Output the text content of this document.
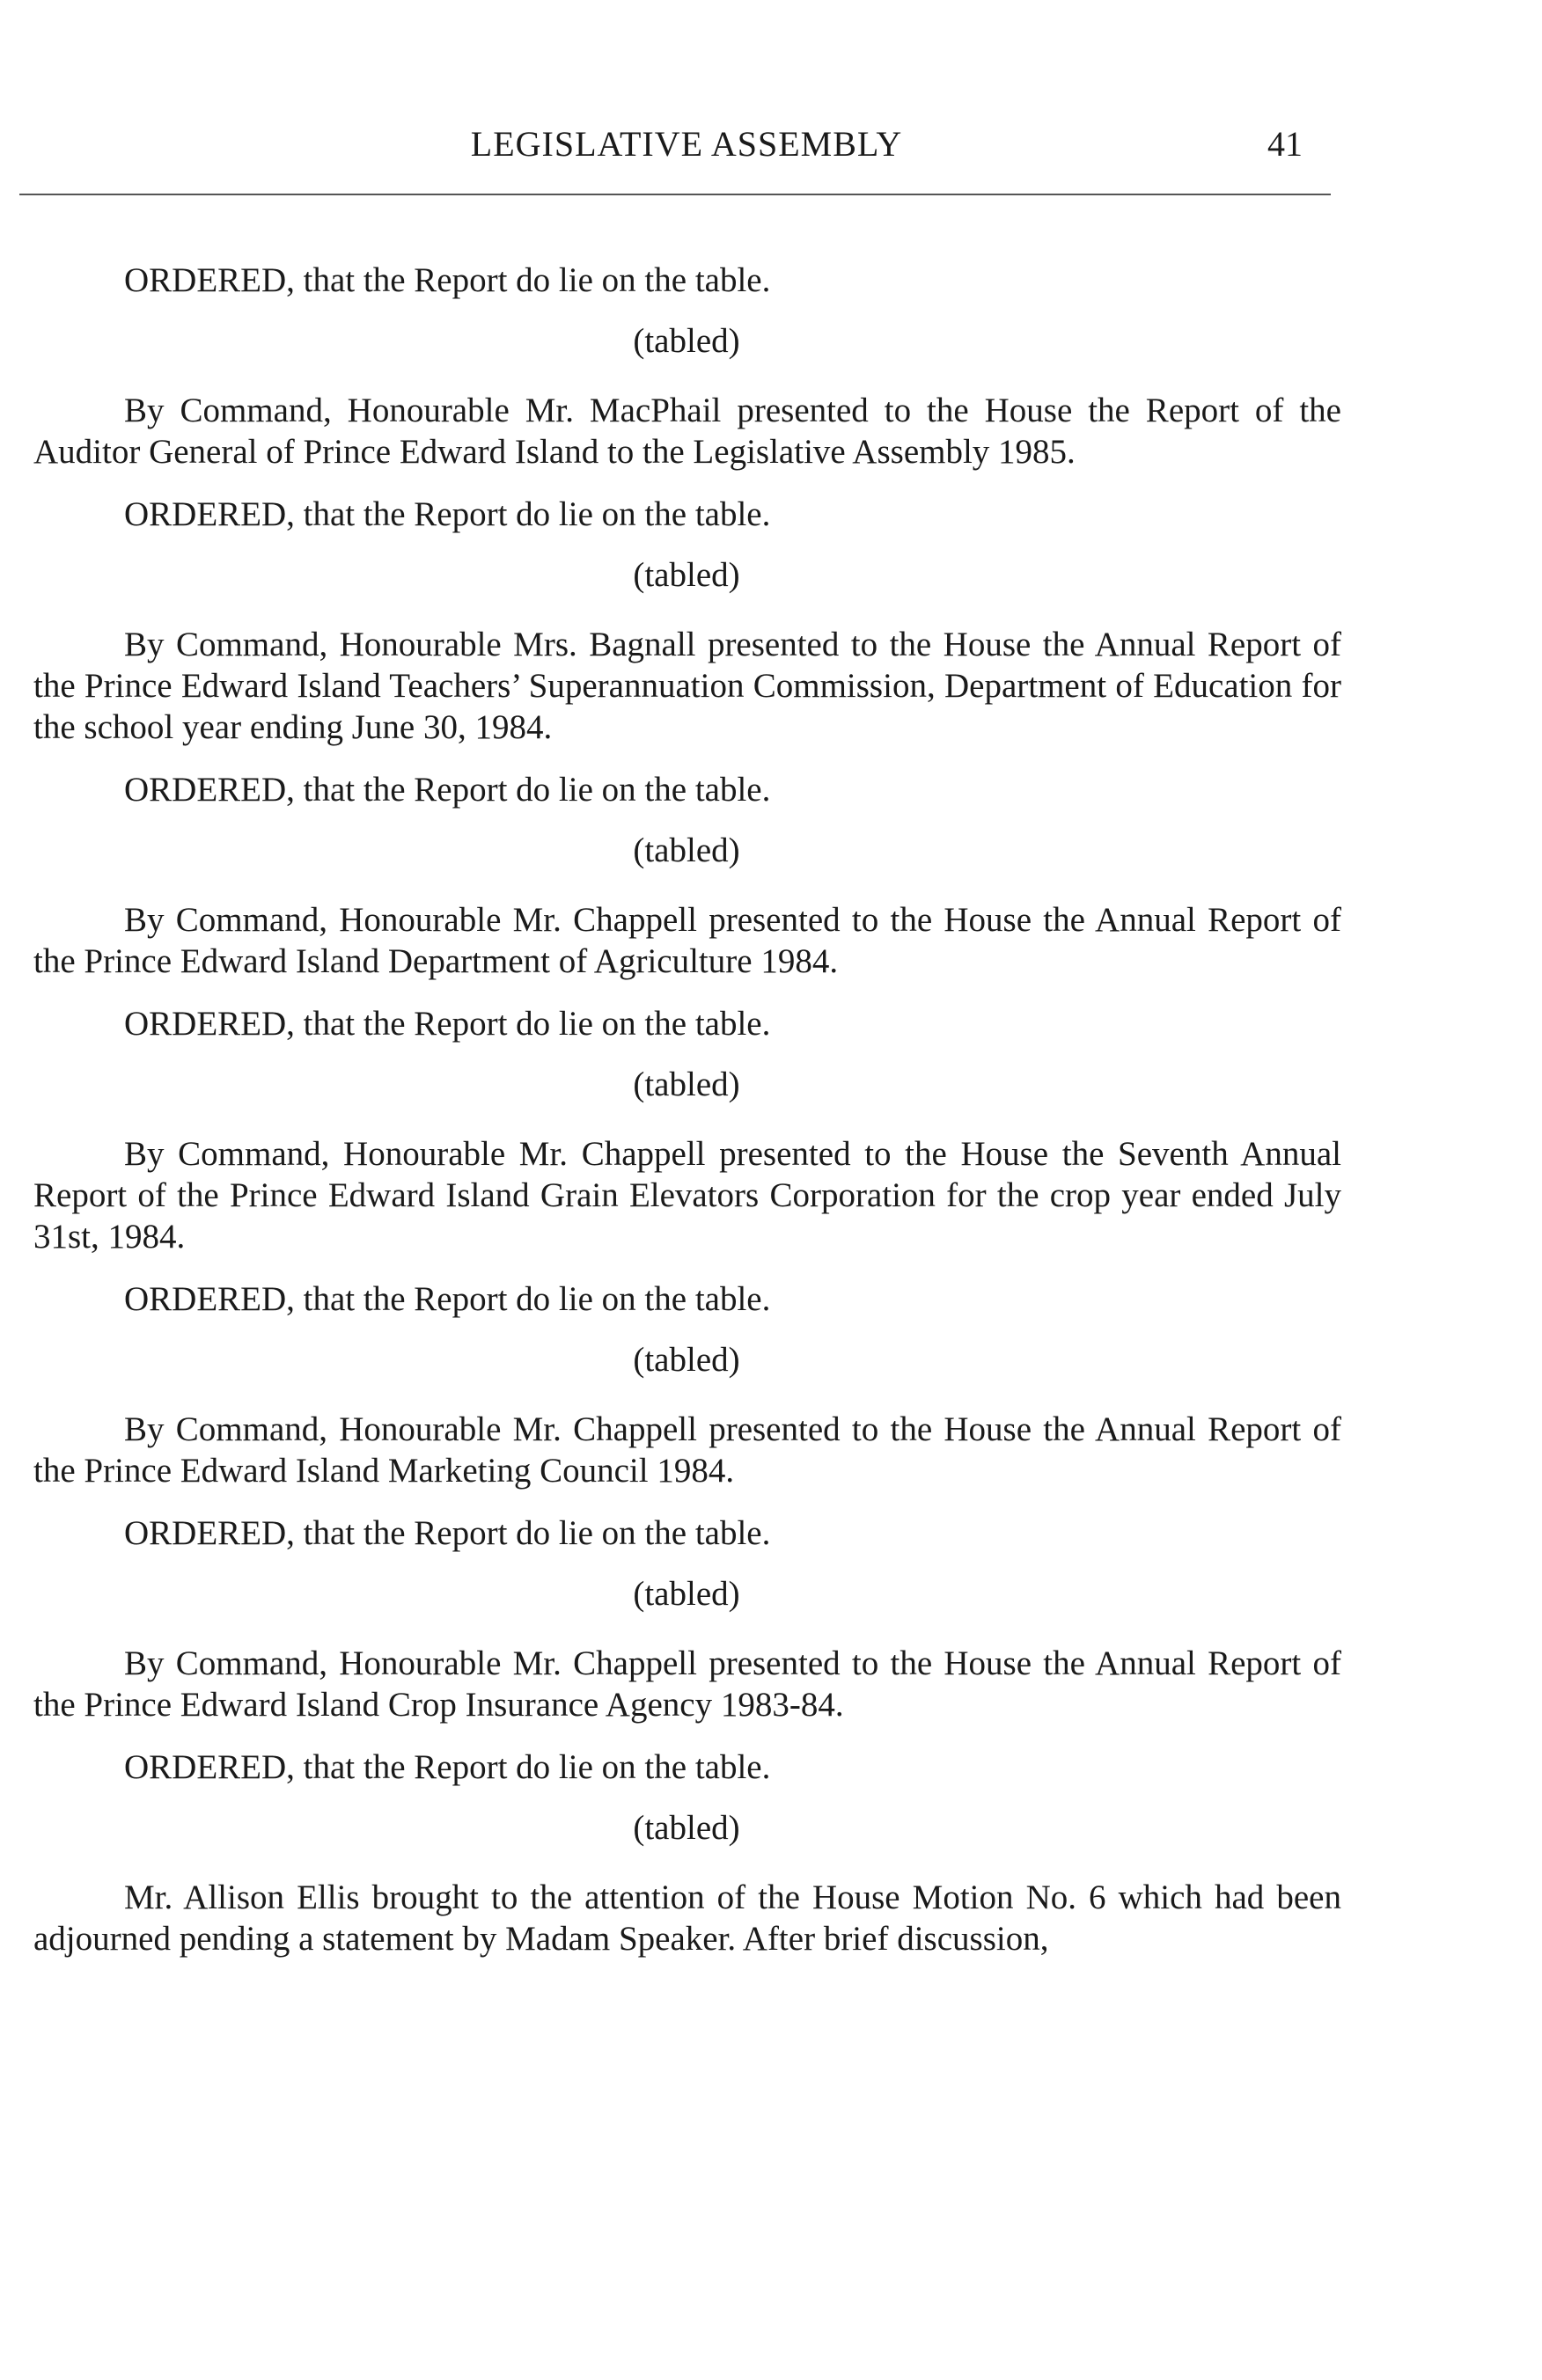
LEGISLATIVE ASSEMBLY	41

ORDERED, that the Report do lie on the table.

(tabled)

By Command, Honourable Mr. MacPhail presented to the House the Report of the Auditor General of Prince Edward Island to the Legislative Assembly 1985.

ORDERED, that the Report do lie on the table.

(tabled)

By Command, Honourable Mrs. Bagnall presented to the House the Annual Report of the Prince Edward Island Teachers’ Superannuation Commission, Department of Education for the school year ending June 30, 1984.

ORDERED, that the Report do lie on the table.

(tabled)

By Command, Honourable Mr. Chappell presented to the House the Annual Report of the Prince Edward Island Department of Agriculture 1984.

ORDERED, that the Report do lie on the table.

(tabled)

By Command, Honourable Mr. Chappell presented to the House the Seventh Annual Report of the Prince Edward Island Grain Elevators Corporation for the crop year ended July 31st, 1984.

ORDERED, that the Report do lie on the table.

(tabled)

By Command, Honourable Mr. Chappell presented to the House the Annual Report of the Prince Edward Island Marketing Council 1984.

ORDERED, that the Report do lie on the table.

(tabled)

By Command, Honourable Mr. Chappell presented to the House the Annual Report of the Prince Edward Island Crop Insurance Agency 1983-84.

ORDERED, that the Report do lie on the table.

(tabled)

Mr. Allison Ellis brought to the attention of the House Motion No. 6 which had been adjourned pending a statement by Madam Speaker. After brief discussion,
